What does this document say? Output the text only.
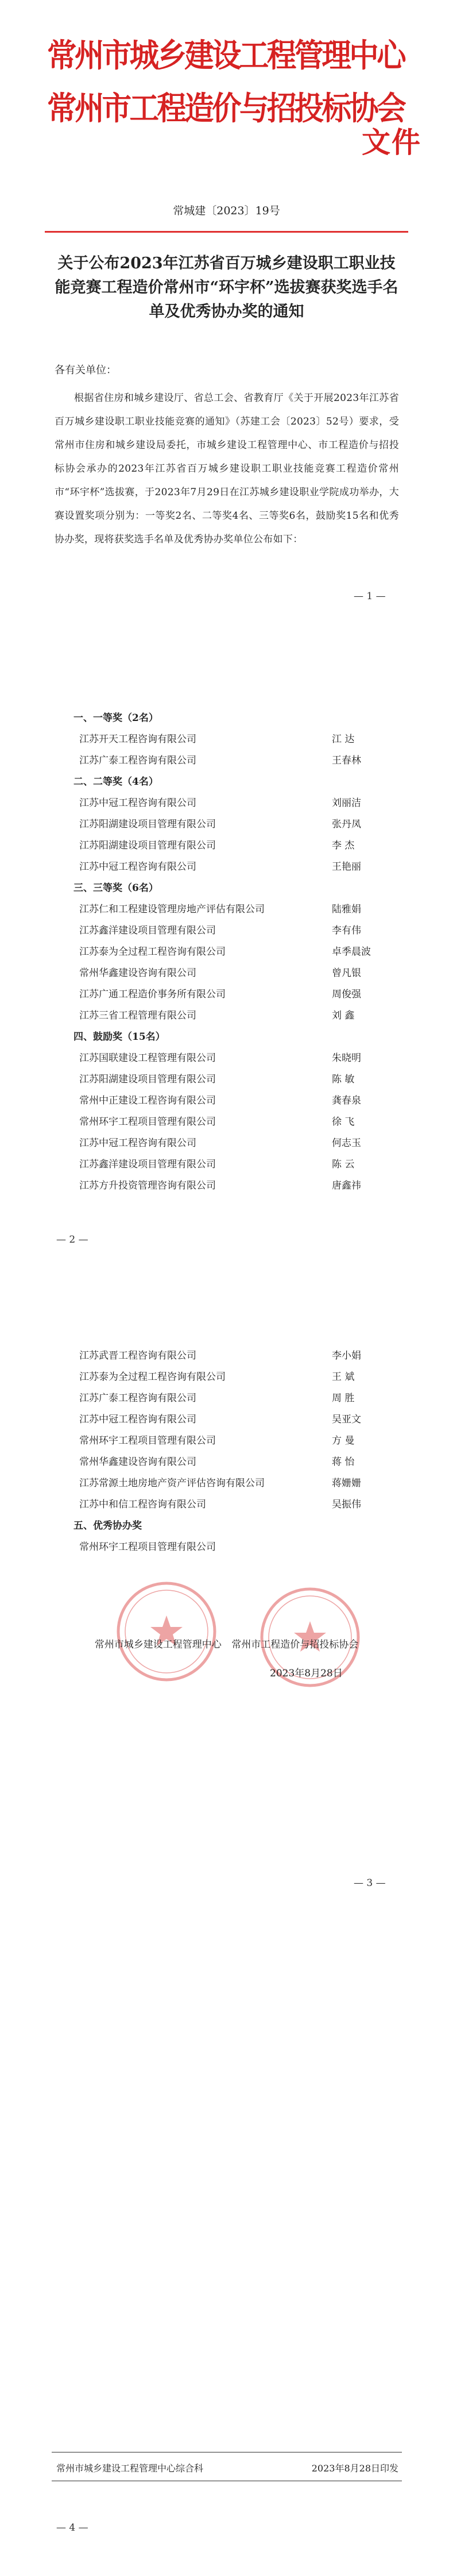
常州市城乡建设工程管理中心
常州市工程造价与招投标协会
文件
常城建〔2023〕19号
关于公布2023年江苏省百万城乡建设职工职业技能竞赛工程造价常州市“环宇杯”选拔赛获奖选手名单及优秀协办奖的通知
各有关单位：
根据省住房和城乡建设厅、省总工会、省教育厅《关于开展2023年江苏省百万城乡建设职工职业技能竞赛的通知》（苏建工会〔2023〕52号）要求，受常州市住房和城乡建设局委托，市城乡建设工程管理中心、市工程造价与招投标协会承办的2023年江苏省百万城乡建设职工职业技能竞赛工程造价常州市“环宇杯”选拔赛，于2023年7月29日在江苏城乡建设职业学院成功举办，大赛设置奖项分别为：一等奖2名、二等奖4名、三等奖6名，鼓励奖15名和优秀协办奖，现将获奖选手名单及优秀协办奖单位公布如下：
— 1 —
一、一等奖（2名）
江苏开天工程咨询有限公司	江 达
江苏广泰工程咨询有限公司	王春林
二、二等奖（4名）
江苏中冠工程咨询有限公司	刘丽洁
江苏阳湖建设项目管理有限公司	张丹凤
江苏阳湖建设项目管理有限公司	李 杰
江苏中冠工程咨询有限公司	王艳丽
三、三等奖（6名）
江苏仁和工程建设管理房地产评估有限公司	陆雅娟
江苏鑫洋建设项目管理有限公司	李有伟
江苏泰为全过程工程咨询有限公司	卓季晨波
常州华鑫建设咨询有限公司	曾凡银
江苏广通工程造价事务所有限公司	周俊强
江苏三省工程管理有限公司	刘 鑫
四、鼓励奖（15名）
江苏国联建设工程管理有限公司	朱晓明
江苏阳湖建设项目管理有限公司	陈 敏
常州中正建设工程咨询有限公司	龚春泉
常州环宇工程项目管理有限公司	徐 飞
江苏中冠工程咨询有限公司	何志玉
江苏鑫洋建设项目管理有限公司	陈 云
江苏方升投资管理咨询有限公司	唐鑫祎
— 2 —
江苏武晋工程咨询有限公司	李小娟
江苏泰为全过程工程咨询有限公司	王 斌
江苏广泰工程咨询有限公司	周 胜
江苏中冠工程咨询有限公司	吴亚文
常州环宇工程项目管理有限公司	方 曼
常州华鑫建设咨询有限公司	蒋 怡
江苏常源土地房地产资产评估咨询有限公司	蒋姗姗
江苏中和信工程咨询有限公司	吴振伟
五、优秀协办奖
常州环宇工程项目管理有限公司
常州市城乡建设工程管理中心 常州市工程造价与招投标协会
2023年8月28日
— 3 —
常州市城乡建设工程管理中心综合科	2023年8月28日印发
— 4 —
